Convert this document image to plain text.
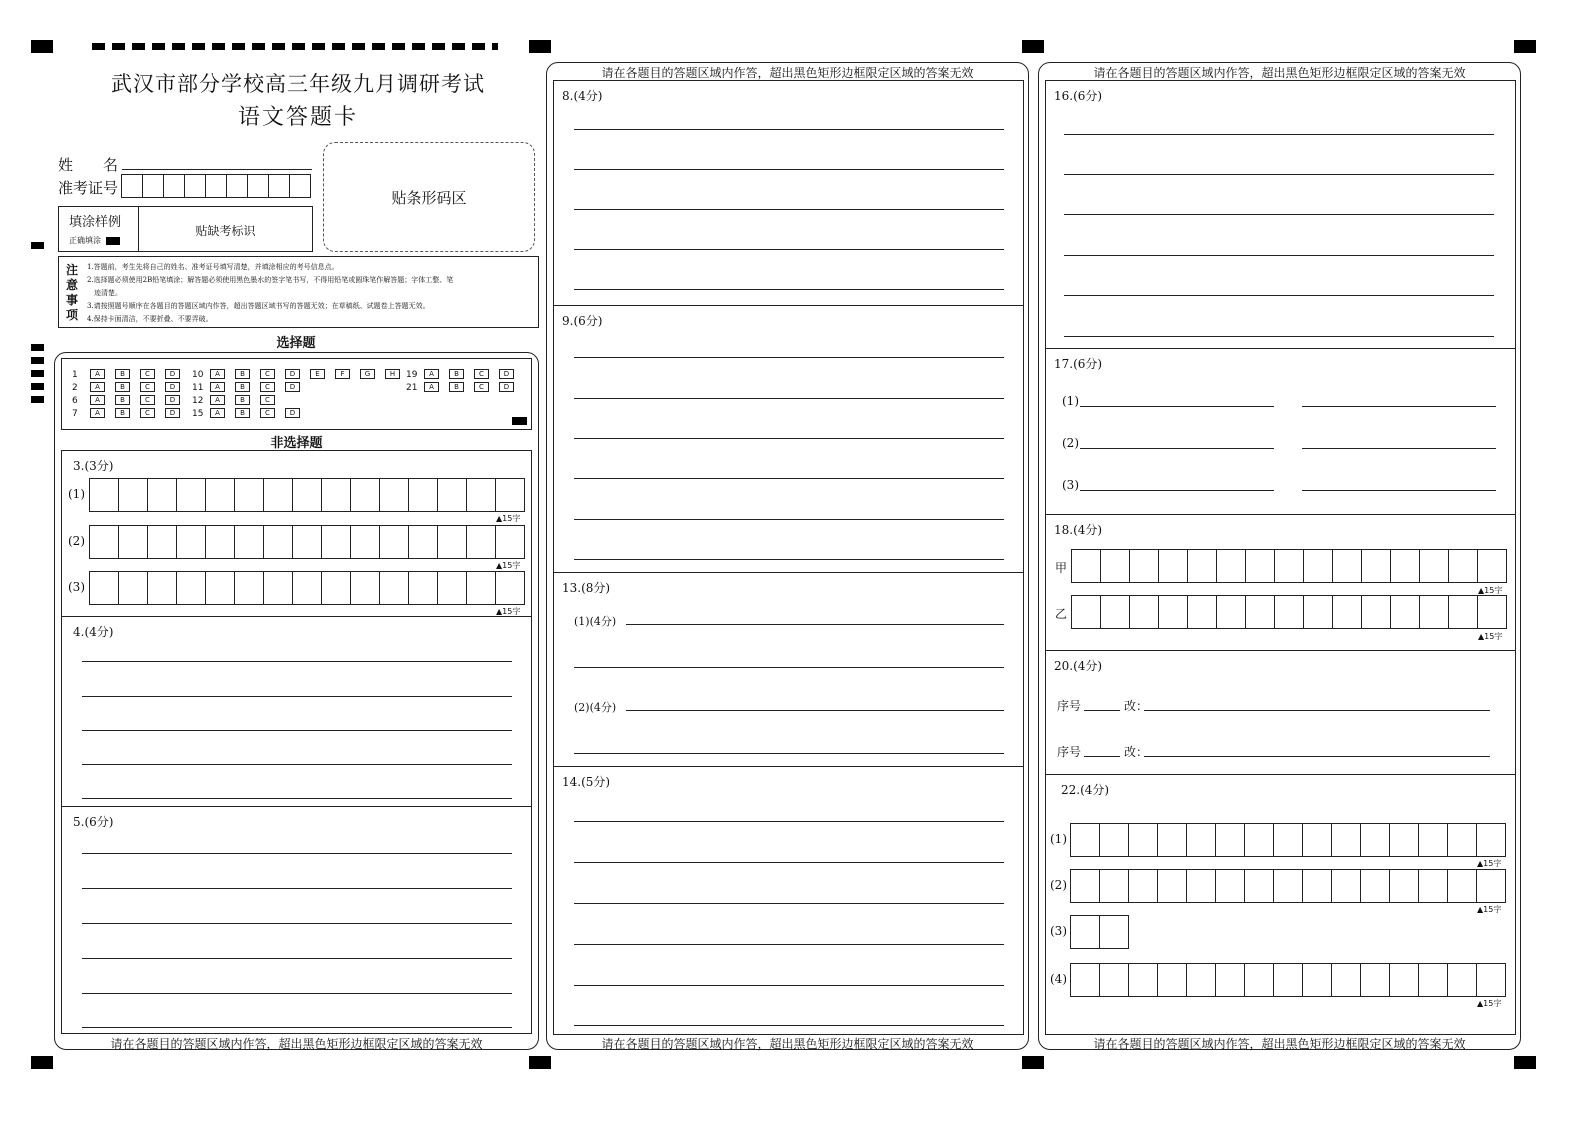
武汉市部分学校高三年级九月调研考试
语文答题卡
姓　　名
准考证号
贴条形码区
填涂样例
正确填涂
贴缺考标识
注
意
事
项
1.答题前，考生先将自己的姓名、准考证号填写清楚，并填涂相应的考号信息点。
2.选择题必须使用2B铅笔填涂；解答题必须使用黑色墨水的签字笔书写，不得用铅笔或圆珠笔作解答题；字体工整、笔
　迹清楚。
3.请按照题号顺序在各题目的答题区域内作答，超出答题区域书写的答题无效；在草稿纸、试题卷上答题无效。
4.保持卡面清洁，不要折叠、不要弄破。
选择题
1 A	B	C	D
2 A	B	C	D
6 A	B	C	D
7 A	B	C	D
10 A	B	C	D	E	F	G	H
11 A	B	C	D
12 A	B	C
15 A	B	C	D
19 A	B	C	D
21 A	B	C	D
非选择题
3.(3分)
(1)
▲15字
(2)
▲15字
(3)
▲15字
4.(4分)
5.(6分)
请在各题目的答题区域内作答，超出黑色矩形边框限定区域的答案无效
请在各题目的答题区域内作答，超出黑色矩形边框限定区域的答案无效
8.(4分)
9.(6分)
13.(8分)
(1)(4分)
(2)(4分)
14.(5分)
请在各题目的答题区域内作答，超出黑色矩形边框限定区域的答案无效
请在各题目的答题区域内作答，超出黑色矩形边框限定区域的答案无效
16.(6分)
17.(6分)
(1)
(2)
(3)
18.(4分)
甲
▲15字
乙
▲15字
20.(4分)
序号	改：
序号	改：
22.(4分)
(1)
▲15字
(2)
▲15字
(3)
(4)
▲15字
请在各题目的答题区域内作答，超出黑色矩形边框限定区域的答案无效
